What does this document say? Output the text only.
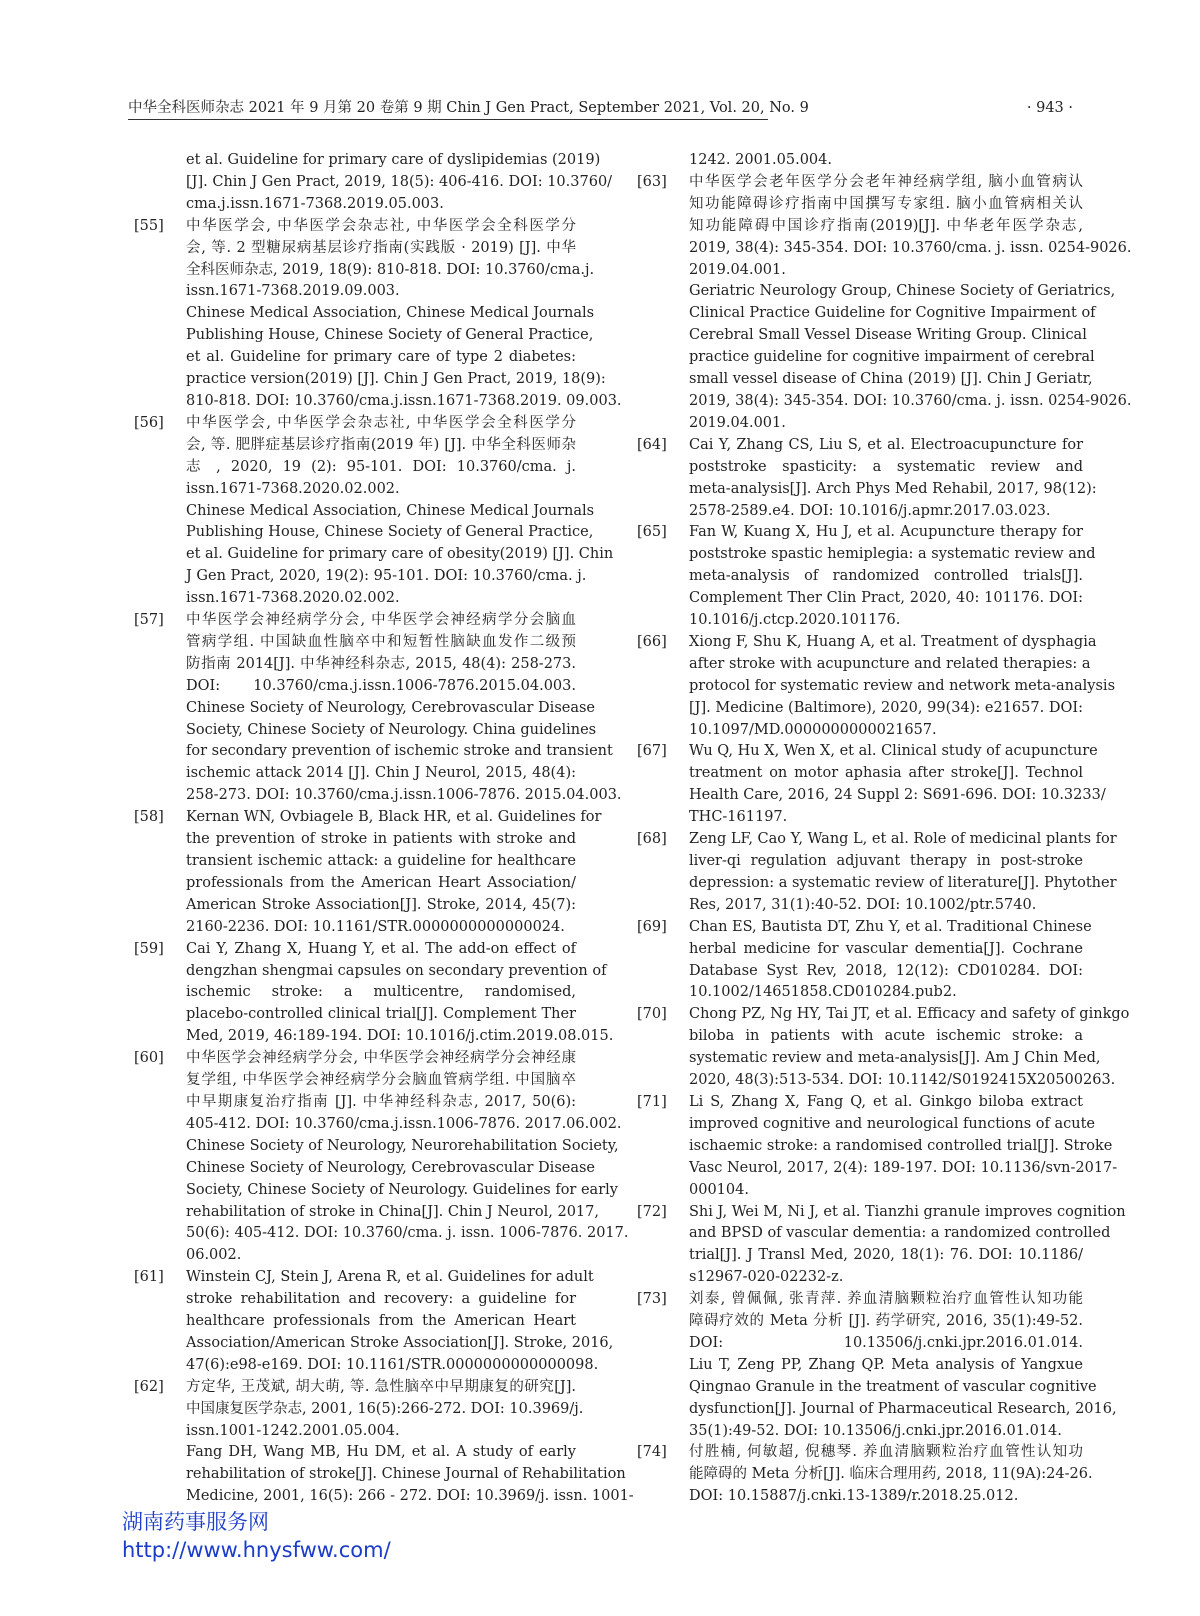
中华全科医师杂志 2021 年 9 月第 20 卷第 9 期 Chin J Gen Pract, September 2021, Vol. 20, No. 9	· 943 ·
et al. Guideline for primary care of dyslipidemias (2019)
[J]. Chin J Gen Pract, 2019, 18(5): 406-416. DOI: 10.3760/
cma.j.issn.1671-7368.2019.05.003.
[55] 中华医学会, 中华医学会杂志社, 中华医学会全科医学分
会, 等. 2 型糖尿病基层诊疗指南(实践版 · 2019) [J]. 中华
全科医师杂志, 2019, 18(9): 810-818. DOI: 10.3760/cma.j.
issn.1671-7368.2019.09.003.
Chinese Medical Association, Chinese Medical Journals
Publishing House, Chinese Society of General Practice,
et al. Guideline for primary care of type 2 diabetes:
practice version(2019) [J]. Chin J Gen Pract, 2019, 18(9):
810-818. DOI: 10.3760/cma.j.issn.1671-7368.2019. 09.003.
[56] 中华医学会, 中华医学会杂志社, 中华医学会全科医学分
会, 等. 肥胖症基层诊疗指南(2019 年) [J]. 中华全科医师杂
志 , 2020, 19 (2): 95-101. DOI: 10.3760/cma. j.
issn.1671-7368.2020.02.002.
Chinese Medical Association, Chinese Medical Journals
Publishing House, Chinese Society of General Practice,
et al. Guideline for primary care of obesity(2019) [J]. Chin
J Gen Pract, 2020, 19(2): 95-101. DOI: 10.3760/cma. j.
issn.1671-7368.2020.02.002.
[57] 中华医学会神经病学分会, 中华医学会神经病学分会脑血
管病学组. 中国缺血性脑卒中和短暂性脑缺血发作二级预
防指南 2014[J]. 中华神经科杂志, 2015, 48(4): 258-273.
DOI: 10.3760/cma.j.issn.1006-7876.2015.04.003.
Chinese Society of Neurology, Cerebrovascular Disease
Society, Chinese Society of Neurology. China guidelines
for secondary prevention of ischemic stroke and transient
ischemic attack 2014 [J]. Chin J Neurol, 2015, 48(4):
258-273. DOI: 10.3760/cma.j.issn.1006-7876. 2015.04.003.
[58] Kernan WN, Ovbiagele B, Black HR, et al. Guidelines for
the prevention of stroke in patients with stroke and
transient ischemic attack: a guideline for healthcare
professionals from the American Heart Association/
American Stroke Association[J]. Stroke, 2014, 45(7):
2160-2236. DOI: 10.1161/STR.0000000000000024.
[59] Cai Y, Zhang X, Huang Y, et al. The add-on effect of
dengzhan shengmai capsules on secondary prevention of
ischemic stroke: a multicentre, randomised,
placebo-controlled clinical trial[J]. Complement Ther
Med, 2019, 46:189-194. DOI: 10.1016/j.ctim.2019.08.015.
[60] 中华医学会神经病学分会, 中华医学会神经病学分会神经康
复学组, 中华医学会神经病学分会脑血管病学组. 中国脑卒
中早期康复治疗指南 [J]. 中华神经科杂志, 2017, 50(6):
405-412. DOI: 10.3760/cma.j.issn.1006-7876. 2017.06.002.
Chinese Society of Neurology, Neurorehabilitation Society,
Chinese Society of Neurology, Cerebrovascular Disease
Society, Chinese Society of Neurology. Guidelines for early
rehabilitation of stroke in China[J]. Chin J Neurol, 2017,
50(6): 405-412. DOI: 10.3760/cma. j. issn. 1006-7876. 2017.
06.002.
[61] Winstein CJ, Stein J, Arena R, et al. Guidelines for adult
stroke rehabilitation and recovery: a guideline for
healthcare professionals from the American Heart
Association/American Stroke Association[J]. Stroke, 2016,
47(6):e98-e169. DOI: 10.1161/STR.0000000000000098.
[62] 方定华, 王茂斌, 胡大萌, 等. 急性脑卒中早期康复的研究[J].
中国康复医学杂志, 2001, 16(5):266-272. DOI: 10.3969/j.
issn.1001-1242.2001.05.004.
Fang DH, Wang MB, Hu DM, et al. A study of early
rehabilitation of stroke[J]. Chinese Journal of Rehabilitation
Medicine, 2001, 16(5): 266 - 272. DOI: 10.3969/j. issn. 1001-
1242. 2001.05.004.
[63] 中华医学会老年医学分会老年神经病学组, 脑小血管病认
知功能障碍诊疗指南中国撰写专家组. 脑小血管病相关认
知功能障碍中国诊疗指南(2019)[J]. 中华老年医学杂志,
2019, 38(4): 345-354. DOI: 10.3760/cma. j. issn. 0254-9026.
2019.04.001.
Geriatric Neurology Group, Chinese Society of Geriatrics,
Clinical Practice Guideline for Cognitive Impairment of
Cerebral Small Vessel Disease Writing Group. Clinical
practice guideline for cognitive impairment of cerebral
small vessel disease of China (2019) [J]. Chin J Geriatr,
2019, 38(4): 345-354. DOI: 10.3760/cma. j. issn. 0254-9026.
2019.04.001.
[64] Cai Y, Zhang CS, Liu S, et al. Electroacupuncture for
poststroke spasticity: a systematic review and
meta-analysis[J]. Arch Phys Med Rehabil, 2017, 98(12):
2578-2589.e4. DOI: 10.1016/j.apmr.2017.03.023.
[65] Fan W, Kuang X, Hu J, et al. Acupuncture therapy for
poststroke spastic hemiplegia: a systematic review and
meta-analysis of randomized controlled trials[J].
Complement Ther Clin Pract, 2020, 40: 101176. DOI:
10.1016/j.ctcp.2020.101176.
[66] Xiong F, Shu K, Huang A, et al. Treatment of dysphagia
after stroke with acupuncture and related therapies: a
protocol for systematic review and network meta-analysis
[J]. Medicine (Baltimore), 2020, 99(34): e21657. DOI:
10.1097/MD.0000000000021657.
[67] Wu Q, Hu X, Wen X, et al. Clinical study of acupuncture
treatment on motor aphasia after stroke[J]. Technol
Health Care, 2016, 24 Suppl 2: S691-696. DOI: 10.3233/
THC-161197.
[68] Zeng LF, Cao Y, Wang L, et al. Role of medicinal plants for
liver-qi regulation adjuvant therapy in post-stroke
depression: a systematic review of literature[J]. Phytother
Res, 2017, 31(1):40-52. DOI: 10.1002/ptr.5740.
[69] Chan ES, Bautista DT, Zhu Y, et al. Traditional Chinese
herbal medicine for vascular dementia[J]. Cochrane
Database Syst Rev, 2018, 12(12): CD010284. DOI:
10.1002/14651858.CD010284.pub2.
[70] Chong PZ, Ng HY, Tai JT, et al. Efficacy and safety of ginkgo
biloba in patients with acute ischemic stroke: a
systematic review and meta-analysis[J]. Am J Chin Med,
2020, 48(3):513-534. DOI: 10.1142/S0192415X20500263.
[71] Li S, Zhang X, Fang Q, et al. Ginkgo biloba extract
improved cognitive and neurological functions of acute
ischaemic stroke: a randomised controlled trial[J]. Stroke
Vasc Neurol, 2017, 2(4): 189-197. DOI: 10.1136/svn-2017-
000104.
[72] Shi J, Wei M, Ni J, et al. Tianzhi granule improves cognition
and BPSD of vascular dementia: a randomized controlled
trial[J]. J Transl Med, 2020, 18(1): 76. DOI: 10.1186/
s12967-020-02232-z.
[73] 刘泰, 曾佩佩, 张青萍. 养血清脑颗粒治疗血管性认知功能
障碍疗效的 Meta 分析 [J]. 药学研究, 2016, 35(1):49-52.
DOI: 10.13506/j.cnki.jpr.2016.01.014.
Liu T, Zeng PP, Zhang QP. Meta analysis of Yangxue
Qingnao Granule in the treatment of vascular cognitive
dysfunction[J]. Journal of Pharmaceutical Research, 2016,
35(1):49-52. DOI: 10.13506/j.cnki.jpr.2016.01.014.
[74] 付胜楠, 何敏超, 倪穗琴. 养血清脑颗粒治疗血管性认知功
能障碍的 Meta 分析[J]. 临床合理用药, 2018, 11(9A):24-26.
DOI: 10.15887/j.cnki.13-1389/r.2018.25.012.
湖南药事服务网
http://www.hnysfww.com/
